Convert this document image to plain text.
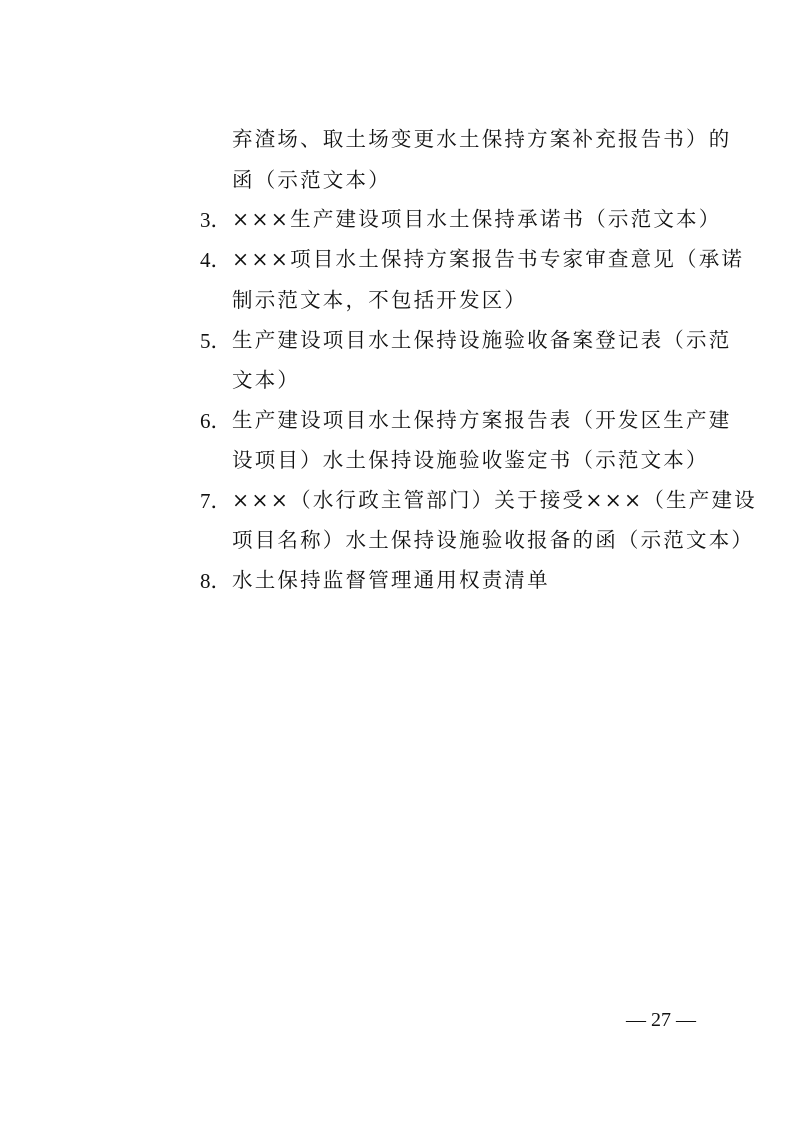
弃渣场、取土场变更水土保持方案补充报告书）的
函（示范文本）
3． ×××生产建设项目水土保持承诺书（示范文本）
4． ×××项目水土保持方案报告书专家审查意见（承诺
制示范文本，不包括开发区）
5． 生产建设项目水土保持设施验收备案登记表（示范
文本）
6． 生产建设项目水土保持方案报告表（开发区生产建
设项目）水土保持设施验收鉴定书（示范文本）
7． ×××（水行政主管部门）关于接受×××（生产建设
项目名称）水土保持设施验收报备的函（示范文本）
8． 水土保持监督管理通用权责清单
— 27 —
